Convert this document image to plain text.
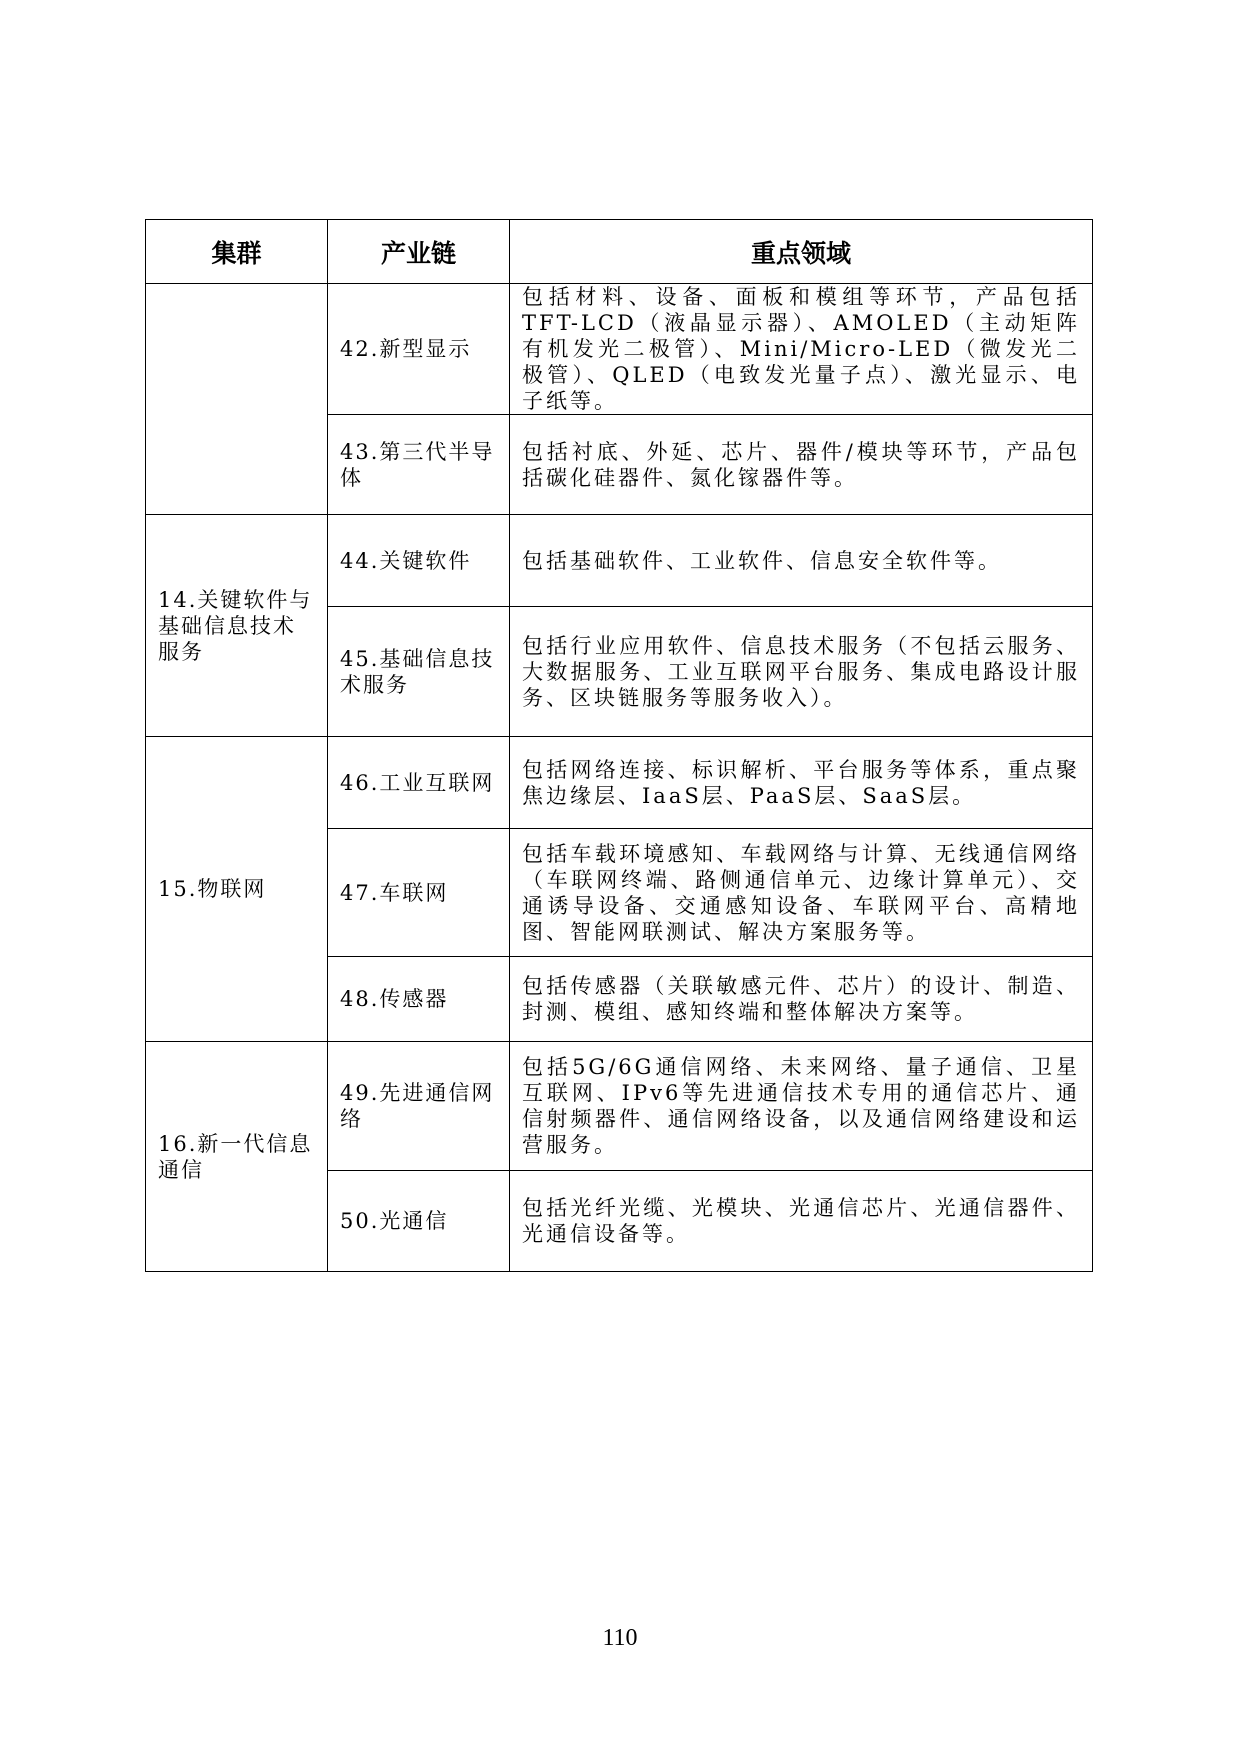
集群	产业链	重点领域
	42.新型显示	包括材料、设备、面板和模组等环节，产品包括TFT-LCD（液晶显示器）、AMOLED（主动矩阵有机发光二极管）、Mini/Micro-LED（微发光二极管）、QLED（电致发光量子点）、激光显示、电子纸等。
	43.第三代半导体	包括衬底、外延、芯片、器件/模块等环节，产品包括碳化硅器件、氮化镓器件等。
14.关键软件与基础信息技术服务	44.关键软件	包括基础软件、工业软件、信息安全软件等。
	45.基础信息技术服务	包括行业应用软件、信息技术服务（不包括云服务、大数据服务、工业互联网平台服务、集成电路设计服务、区块链服务等服务收入）。
15.物联网	46.工业互联网	包括网络连接、标识解析、平台服务等体系，重点聚焦边缘层、IaaS层、PaaS层、SaaS层。
	47.车联网	包括车载环境感知、车载网络与计算、无线通信网络（车联网终端、路侧通信单元、边缘计算单元）、交通诱导设备、交通感知设备、车联网平台、高精地图、智能网联测试、解决方案服务等。
	48.传感器	包括传感器（关联敏感元件、芯片）的设计、制造、封测、模组、感知终端和整体解决方案等。
16.新一代信息通信	49.先进通信网络	包括5G/6G通信网络、未来网络、量子通信、卫星互联网、IPv6等先进通信技术专用的通信芯片、通信射频器件、通信网络设备，以及通信网络建设和运营服务。
	50.光通信	包括光纤光缆、光模块、光通信芯片、光通信器件、光通信设备等。
110
